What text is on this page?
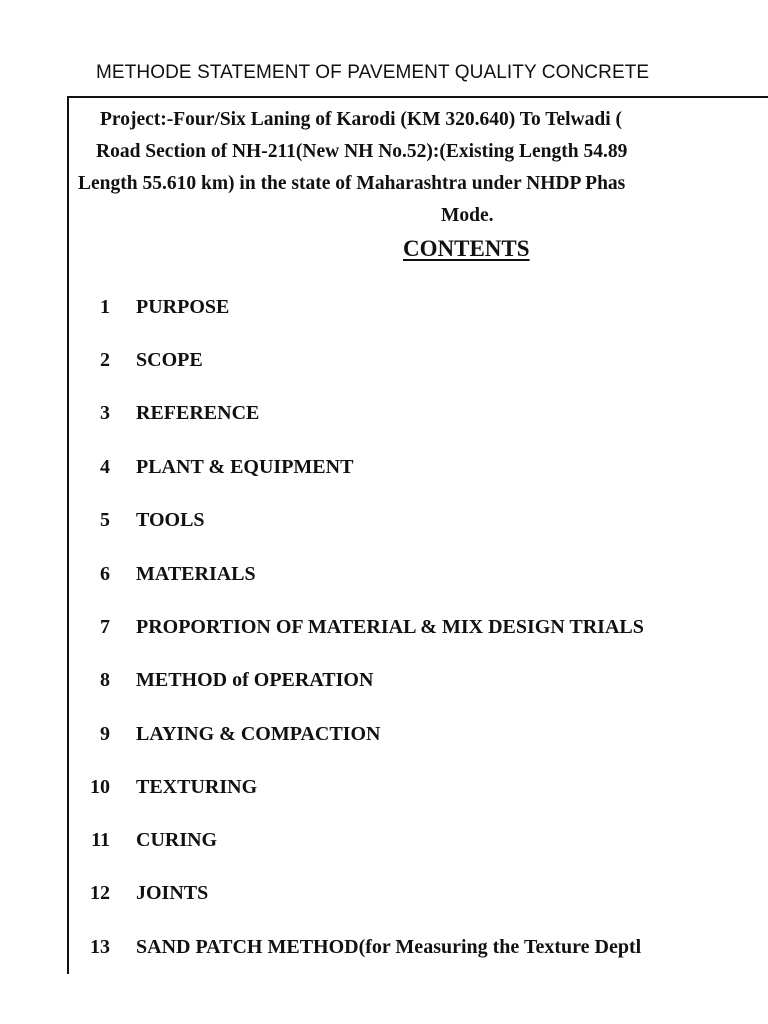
METHODE STATEMENT OF PAVEMENT QUALITY CONCRETE
Project:-Four/Six Laning of Karodi (KM 320.640) To Telwadi (
Road Section of NH-211(New NH No.52):(Existing Length 54.89
Length 55.610 km) in the state of Maharashtra under NHDP Phas
Mode.
CONTENTS
1 PURPOSE
2 SCOPE
3 REFERENCE
4 PLANT & EQUIPMENT
5 TOOLS
6 MATERIALS
7 PROPORTION OF MATERIAL & MIX DESIGN TRIALS
8 METHOD of OPERATION
9 LAYING & COMPACTION
10 TEXTURING
11 CURING
12 JOINTS
13 SAND PATCH METHOD(for Measuring the Texture Deptl
